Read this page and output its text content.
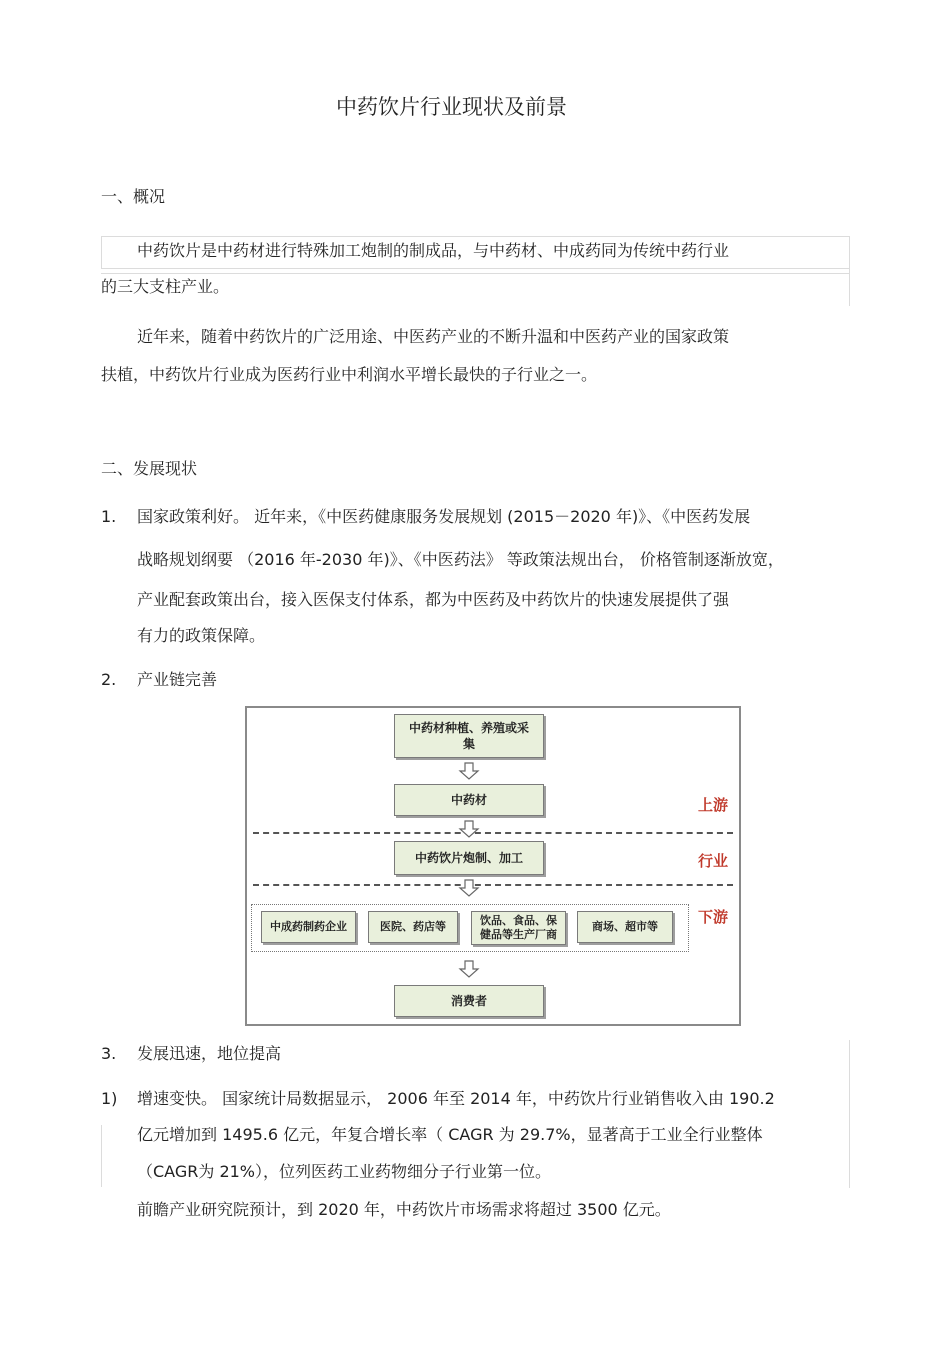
中药饮片行业现状及前景
一、概况
中药饮片是中药材进行特殊加工炮制的制成品，与中药材、中成药同为传统中药行业
的三大支柱产业。
近年来，随着中药饮片的广泛用途、中医药产业的不断升温和中医药产业的国家政策
扶植，中药饮片行业成为医药行业中利润水平增长最快的子行业之一。
二、发展现状
1. 国家政策利好。 近年来，《中医药健康服务发展规划 (2015－2020 年)》、《中医药发展
战略规划纲要 （2016 年-2030 年)》、《中医药法》 等政策法规出台， 价格管制逐渐放宽，
产业配套政策出台，接入医保支付体系，都为中医药及中药饮片的快速发展提供了强
有力的政策保障。
2. 产业链完善
中药材种植、养殖或采集
中药材	上游
中药饮片炮制、加工	行业
中成药制药企业	医院、药店等	饮品、食品、保健品等生产厂商
商场、超市等
下游
消费者
3. 发展迅速，地位提高
1) 增速变快。 国家统计局数据显示， 2006 年至 2014 年，中药饮片行业销售收入由 190.2
亿元增加到 1495.6 亿元，年复合增长率（ CAGR 为 29.7%，显著高于工业全行业整体
（CAGR为 21%），位列医药工业药物细分子行业第一位。
前瞻产业研究院预计，到 2020 年，中药饮片市场需求将超过 3500 亿元。
